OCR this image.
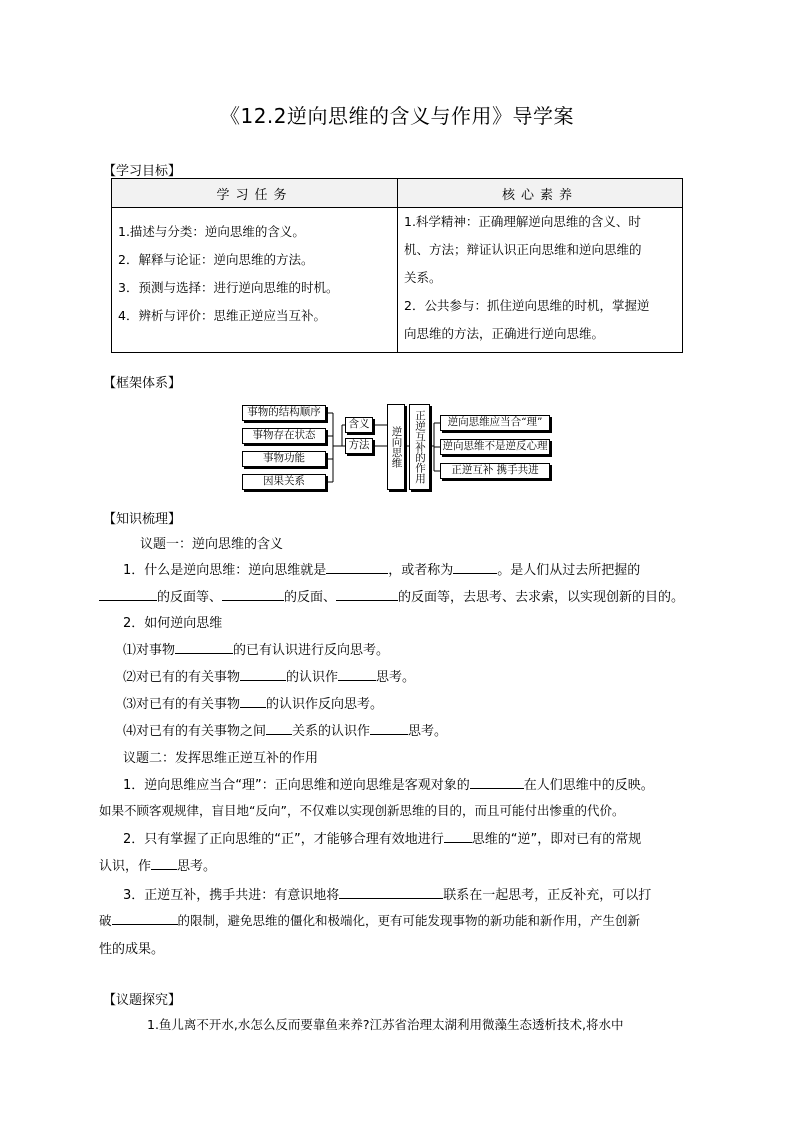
《12.2逆向思维的含义与作用》导学案
【学习目标】
学习任务	核心素养

1.描述与分类：逆向思维的含义。
2．解释与论证：逆向思维的方法。
3．预测与选择：进行逆向思维的时机。
4．辨析与评价：思维正逆应当互补。	1.科学精神：正确理解逆向思维的含义、时
机、方法；辩证认识正向思维和逆向思维的
关系。
2．公共参与：抓住逆向思维的时机，掌握逆
向思维的方法，正确进行逆向思维。
【框架体系】
事物的结构顺序
事物存在状态
事物功能
因果关系
含义
方法	逆向思维	正逆互补的作用	逆向思维应当合“理”
逆向思维不是逆反心理
正逆互补 携手共进
【知识梳理】
议题一：逆向思维的含义
1．什么是逆向思维：逆向思维就是	，或者称为	。是人们从过去所把握的
的反面等、	的反面、	的反面等，去思考、去求索，以实现创新的目的。
2．如何逆向思维
⑴对事物	的已有认识进行反向思考。
⑵对已有的有关事物	的认识作	思考。
⑶对已有的有关事物 的认识作反向思考。
⑷对已有的有关事物之间 关系的认识作	思考。
议题二：发挥思维正逆互补的作用
1．逆向思维应当合“理”：正向思维和逆向思维是客观对象的	在人们思维中的反映。
如果不顾客观规律，盲目地“反向”，不仅难以实现创新思维的目的，而且可能付出惨重的代价。
2．只有掌握了正向思维的“正”，才能够合理有效地进行 思维的“逆”，即对已有的常规
认识，作 思考。
3．正逆互补，携手共进：有意识地将	联系在一起思考，正反补充，可以打
破	的限制，避免思维的僵化和极端化，更有可能发现事物的新功能和新作用，产生创新
性的成果。
【议题探究】
1.鱼儿离不开水,水怎么反而要靠鱼来养?江苏省治理太湖利用微藻生态透析技术,将水中
